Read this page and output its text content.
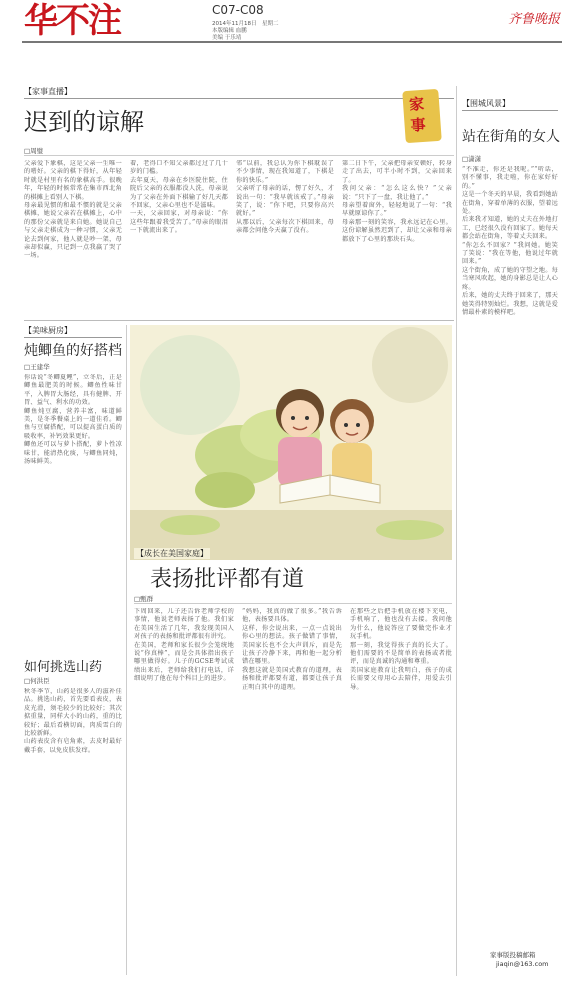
华不注	C07-C08
2014年11月18日　星期二
本版编辑 血鹏
美编 于乐靖
齐鲁晚报
【家事直播】
迟到的谅解
□周璧
家
事
父亲爱下象棋，这是父亲一生唯一的嗜好。父亲的棋下得好，从年轻时就是村里有名的象棋高手。很晚年，年轻的时候常常在集市西北角的棋摊上看别人下棋。
母亲最见惯的和最不惯的就是父亲棋摊，她说父亲若在棋摊上，心中的那份父亲就是来自她。她说自己与父亲走棋成为一种习惯，父亲无论去到何家，他人就是吵一架，母亲却似赢，只记到一点我赢了哭了一场。
着，老得口不知父亲都过过了几十岁的门槛。
去年夏天，母亲在乡医院住院，住院后父亲的衣服都没人洗，母亲说为了父亲在外面下棋输了好几天都不回家，父亲心里也不是滋味。
一天，父亲回家，对母亲说：“你这些年跟着我受苦了。”母亲的眼泪一下就流出来了。
邻“以前，我总认为你下棋耽误了不少事情，现在我知道了，下棋是你的快乐。”
父亲听了母亲的话，愣了好久，才说出一句：“我早就该戒了。”母亲笑了，说：“你下吧，只要你高兴就好。”
从那以后，父亲每次下棋回来，母亲都会问他今天赢了没有。
第二日下午，父亲把母亲安顿好，转身走了出去，可半小时不到，父亲回来了。
我问父亲：“怎么这么快？”父亲说：“只下了一盘，我让他了。”
母亲望着窗外，轻轻地说了一句：“我早就原谅你了。”
母亲那一刻的笑容，我永远记在心里。这份谅解虽然迟到了，却让父亲和母亲都放下了心里的那块石头。
【美味厨房】
炖鲫鱼的好搭档
□王建华
你话说“冬鲫夏鲤”，立冬后，正是鲫鱼最肥美的时候。鲫鱼性味甘平，入脾胃大肠经，具有健脾、开胃、益气、利水的功效。
鲫鱼炖豆腐，营养丰富，味道鲜美，是冬季餐桌上的一道佳肴。鲫鱼与豆腐搭配，可以提高蛋白质的吸收率，补钙效果更好。
鲫鱼还可以与萝卜搭配，萝卜性凉味甘，能清热化痰，与鲫鱼同炖，汤味鲜美。
如何挑选山药
□何洪臣
秋冬季节，山药是很多人的滋补佳品。挑选山药，首先要看表皮，表皮光滑，须毛较少的比较好；其次掂重量，同样大小的山药，重的比较好；最后看横切面，肉质雪白的比较新鲜。
山药表皮含有皂角素，去皮时最好戴手套，以免皮肤发痒。
【成长在美国家庭】
表扬批评都有道
□甄群
下周回来，儿子还告诉老师学校的事情，他说老师表扬了他。我们家在美国生活了几年，我发现美国人对孩子的表扬和批评都很有讲究。
在美国，老师和家长很少会笼统地说“你真棒”，而是会具体指出孩子哪里做得好。儿子的GCSE考试成绩出来后，老师给我们打电话，详细说明了他在每个科目上的进步。
“妈妈，我真的做了很多。”我告诉他，表扬要具体。
这样，你会说出来，一点一点说出你心里的想法。孩子做错了事情，美国家长也不会大声训斥，而是先让孩子冷静下来，再和他一起分析错在哪里。
我想这就是美国式教育的道理，表扬和批评都要有道，都要让孩子真正明白其中的道理。
在那些之后把手机放在楼下充电，手机响了，他也没有去接。我问他为什么，他说答应了要做完作业才玩手机。
那一刻，我觉得孩子真的长大了。他们需要的不是简单的表扬或者批评，而是真诚的沟通和尊重。
美国家庭教育让我明白，孩子的成长需要父母用心去陪伴，用爱去引导。
【围城风景】
站在街角的女人
□潇潇
“不准走，你还是我呢。”“听话，别不懂事，我走啦，你在家好好的。”
这是一个冬天的早晨，我看到她站在街角，穿着单薄的衣服，望着远处。
后来我才知道，她的丈夫在外地打工，已经很久没有回家了。她每天都会站在街角，等着丈夫回来。
“你怎么不回家？”我问她。她笑了笑说：“我在等他，他说过年就回来。”
这个街角，成了她的守望之地。每当寒风吹起，她的身影总是让人心疼。
后来，她的丈夫终于回来了，那天她笑得特别灿烂。我想，这就是爱情最朴素的模样吧。
家事版投稿邮箱
jiaqin@163.com
